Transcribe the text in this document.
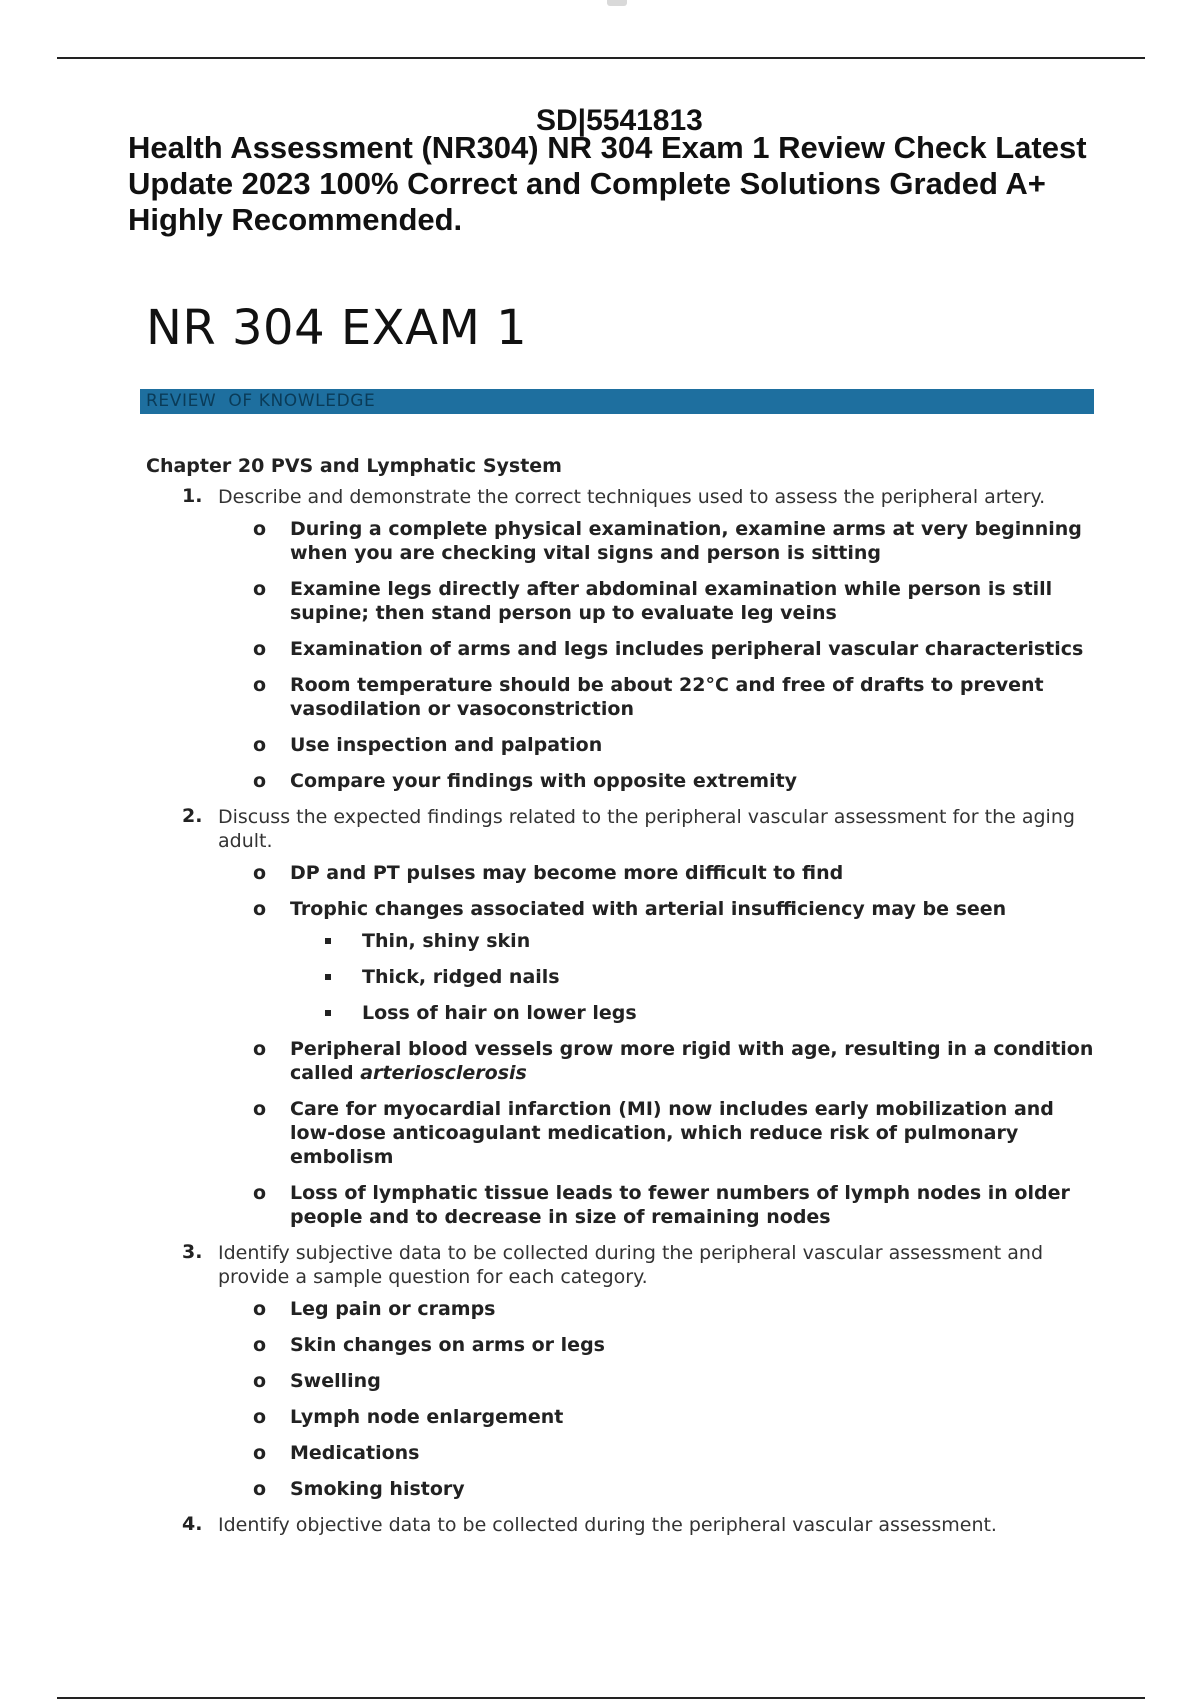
SD|5541813
Health Assessment (NR304) NR 304 Exam 1 Review Check Latest Update 2023 100% Correct and Complete Solutions Graded A+ Highly Recommended.
NR 304 EXAM 1
REVIEW  OF KNOWLEDGE
Chapter 20 PVS and Lymphatic System
1. Describe and demonstrate the correct techniques used to assess the peripheral artery.
o During a complete physical examination, examine arms at very beginning when you are checking vital signs and person is sitting
o Examine legs directly after abdominal examination while person is still supine; then stand person up to evaluate leg veins
o Examination of arms and legs includes peripheral vascular characteristics
o Room temperature should be about 22°C and free of drafts to prevent vasodilation or vasoconstriction
o Use inspection and palpation
o Compare your findings with opposite extremity
2. Discuss the expected findings related to the peripheral vascular assessment for the aging adult.
o DP and PT pulses may become more difficult to find
o Trophic changes associated with arterial insufficiency may be seen
Thin, shiny skin
Thick, ridged nails
Loss of hair on lower legs
o Peripheral blood vessels grow more rigid with age, resulting in a condition called arteriosclerosis
o Care for myocardial infarction (MI) now includes early mobilization and low-dose anticoagulant medication, which reduce risk of pulmonary embolism
o Loss of lymphatic tissue leads to fewer numbers of lymph nodes in older people and to decrease in size of remaining nodes
3. Identify subjective data to be collected during the peripheral vascular assessment and provide a sample question for each category.
o Leg pain or cramps
o Skin changes on arms or legs
o Swelling
o Lymph node enlargement
o Medications
o Smoking history
4. Identify objective data to be collected during the peripheral vascular assessment.
